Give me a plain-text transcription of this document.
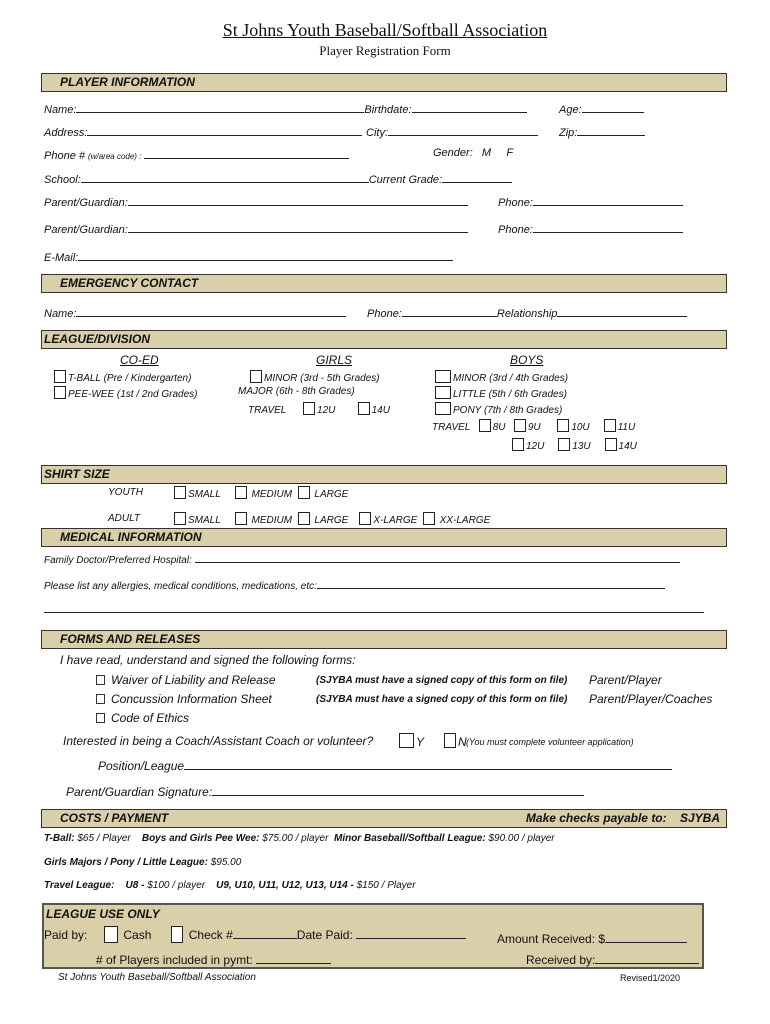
St Johns Youth Baseball/Softball Association
Player Registration Form
PLAYER INFORMATION
Name:	Birthdate:	Age:
Address:	City:	Zip:
Phone # (w/area code) :	Gender: M F
School:	Current Grade:
Parent/Guardian:	Phone:
Parent/Guardian:	Phone:
E-Mail:
EMERGENCY CONTACT
Name:	Phone:	Relationship
LEAGUE/DIVISION
CO-ED	GIRLS	BOYS
T-BALL (Pre / Kindergarten)
PEE-WEE (1st / 2nd Grades)
MINOR (3rd - 5th Grades)
MAJOR (6th - 8th Grades)
TRAVEL	12U	14U
MINOR (3rd / 4th Grades)
LITTLE (5th / 6th Grades)
PONY (7th / 8th Grades)
TRAVEL 8U 9U	10U	11U
12U	13U	14U
SHIRT SIZE
YOUTH	SMALL	MEDIUM LARGE
ADULT	SMALL	MEDIUM LARGE	X-LARGE XX-LARGE
MEDICAL INFORMATION
Family Doctor/Preferred Hospital:
Please list any allergies, medical conditions, medications, etc:
FORMS AND RELEASES
I have read, understand and signed the following forms:
Waiver of Liability and Release	(SJYBA must have a signed copy of this form on file) Parent/Player
Concussion Information Sheet	(SJYBA must have a signed copy of this form on file) Parent/Player/Coaches
Code of Ethics
Interested in being a Coach/Assistant Coach or volunteer?	Y	N (You must complete volunteer application)
Position/League
Parent/Guardian Signature:
COSTS / PAYMENT	Make checks payable to: SJYBA
T-Ball: $65 / Player Boys and Girls Pee Wee: $75.00 / player Minor Baseball/Softball League: $90.00 / player
Girls Majors / Pony / Little League: $95.00
Travel League: U8 - $100 / player U9, U10, U11, U12, U13, U14 - $150 / Player
LEAGUE USE ONLY
Paid by:	Cash	Check #	Date Paid:	Amount Received: $
# of Players included in pymt:	Received by:
St Johns Youth Baseball/Softball Association	Revised1/2020
